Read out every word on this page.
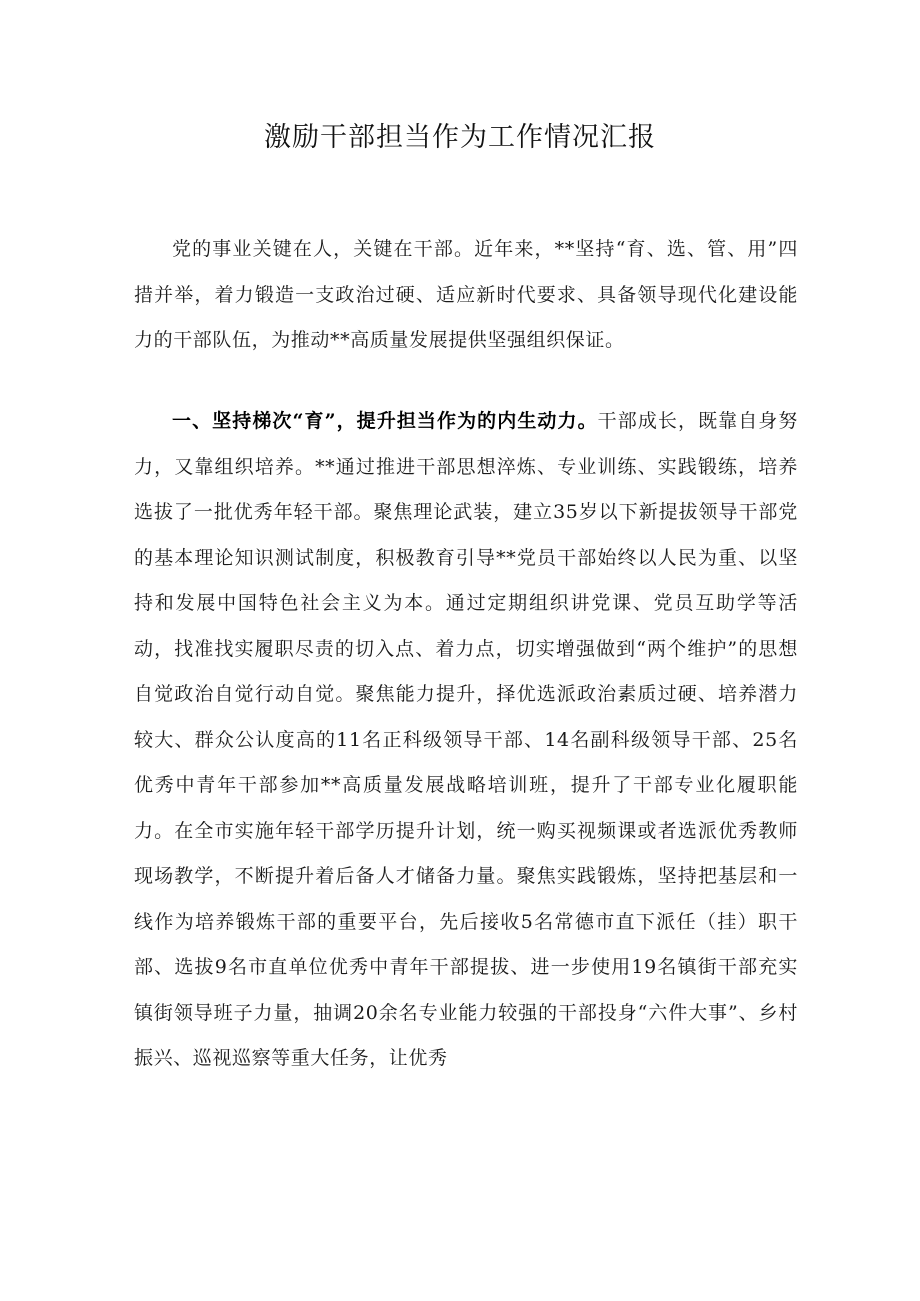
激励干部担当作为工作情况汇报

党的事业关键在人，关键在干部。近年来，**坚持“育、选、管、用”四措并举，着力锻造一支政治过硬、适应新时代要求、具备领导现代化建设能力的干部队伍，为推动**高质量发展提供坚强组织保证。

一、坚持梯次“育”，提升担当作为的内生动力。干部成长，既靠自身努力，又靠组织培养。**通过推进干部思想淬炼、专业训练、实践锻练，培养选拔了一批优秀年轻干部。聚焦理论武装，建立35岁以下新提拔领导干部党的基本理论知识测试制度，积极教育引导**党员干部始终以人民为重、以坚持和发展中国特色社会主义为本。通过定期组织讲党课、党员互助学等活动，找准找实履职尽责的切入点、着力点，切实增强做到“两个维护”的思想自觉政治自觉行动自觉。聚焦能力提升，择优选派政治素质过硬、培养潜力较大、群众公认度高的11名正科级领导干部、14名副科级领导干部、25名优秀中青年干部参加**高质量发展战略培训班，提升了干部专业化履职能力。在全市实施年轻干部学历提升计划，统一购买视频课或者选派优秀教师现场教学，不断提升着后备人才储备力量。聚焦实践锻炼，坚持把基层和一线作为培养锻炼干部的重要平台，先后接收5名常德市直下派任（挂）职干部、选拔9名市直单位优秀中青年干部提拔、进一步使用19名镇街干部充实镇街领导班子力量，抽调20余名专业能力较强的干部投身“六件大事”、乡村振兴、巡视巡察等重大任务，让优秀
